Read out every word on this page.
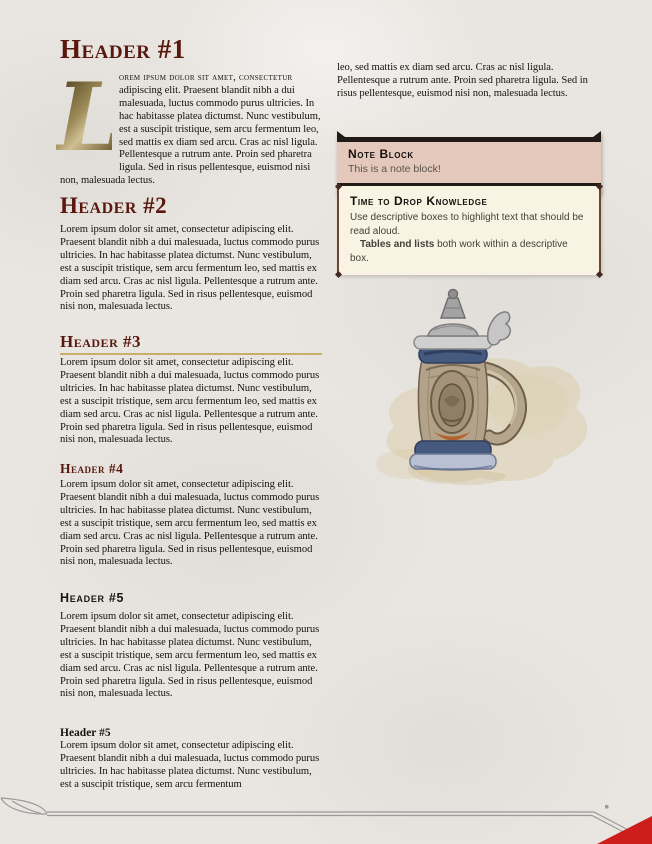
Header #1
L
orem ipsum dolor sit amet, consectetur adipiscing elit. Praesent blandit nibh a dui malesuada, luctus commodo purus ultricies. In hac habitasse platea dictumst. Nunc vestibulum, est a suscipit tristique, sem arcu fermentum leo, sed mattis ex diam sed arcu. Cras ac nisl ligula. Pellentesque a rutrum ante. Proin sed pharetra ligula. Sed in risus pellentesque, euismod nisi non, malesuada lectus.
Header #2

Lorem ipsum dolor sit amet, consectetur adipiscing elit. Praesent blandit nibh a dui malesuada, luctus commodo purus ultricies. In hac habitasse platea dictumst. Nunc vestibulum, est a suscipit tristique, sem arcu fermentum leo, sed mattis ex diam sed arcu. Cras ac nisl ligula. Pellentesque a rutrum ante. Proin sed pharetra ligula. Sed in risus pellentesque, euismod nisi non, malesuada lectus.

Header #3

Lorem ipsum dolor sit amet, consectetur adipiscing elit. Praesent blandit nibh a dui malesuada, luctus commodo purus ultricies. In hac habitasse platea dictumst. Nunc vestibulum, est a suscipit tristique, sem arcu fermentum leo, sed mattis ex diam sed arcu. Cras ac nisl ligula. Pellentesque a rutrum ante. Proin sed pharetra ligula. Sed in risus pellentesque, euismod nisi non, malesuada lectus.

Header #4

Lorem ipsum dolor sit amet, consectetur adipiscing elit. Praesent blandit nibh a dui malesuada, luctus commodo purus ultricies. In hac habitasse platea dictumst. Nunc vestibulum, est a suscipit tristique, sem arcu fermentum leo, sed mattis ex diam sed arcu. Cras ac nisl ligula. Pellentesque a rutrum ante. Proin sed pharetra ligula. Sed in risus pellentesque, euismod nisi non, malesuada lectus.

Header #5

Lorem ipsum dolor sit amet, consectetur adipiscing elit. Praesent blandit nibh a dui malesuada, luctus commodo purus ultricies. In hac habitasse platea dictumst. Nunc vestibulum, est a suscipit tristique, sem arcu fermentum leo, sed mattis ex diam sed arcu. Cras ac nisl ligula. Pellentesque a rutrum ante. Proin sed pharetra ligula. Sed in risus pellentesque, euismod nisi non, malesuada lectus.

Header #5

Lorem ipsum dolor sit amet, consectetur adipiscing elit. Praesent blandit nibh a dui malesuada, luctus commodo purus ultricies. In hac habitasse platea dictumst. Nunc vestibulum, est a suscipit tristique, sem arcu fermentum

leo, sed mattis ex diam sed arcu. Cras ac nisl ligula. Pellentesque a rutrum ante. Proin sed pharetra ligula. Sed in risus pellentesque, euismod nisi non, malesuada lectus.

Note Block

This is a note block!

Time to Drop Knowledge

Use descriptive boxes to highlight text that should be read aloud.

Tables and lists both work within a descriptive box.
